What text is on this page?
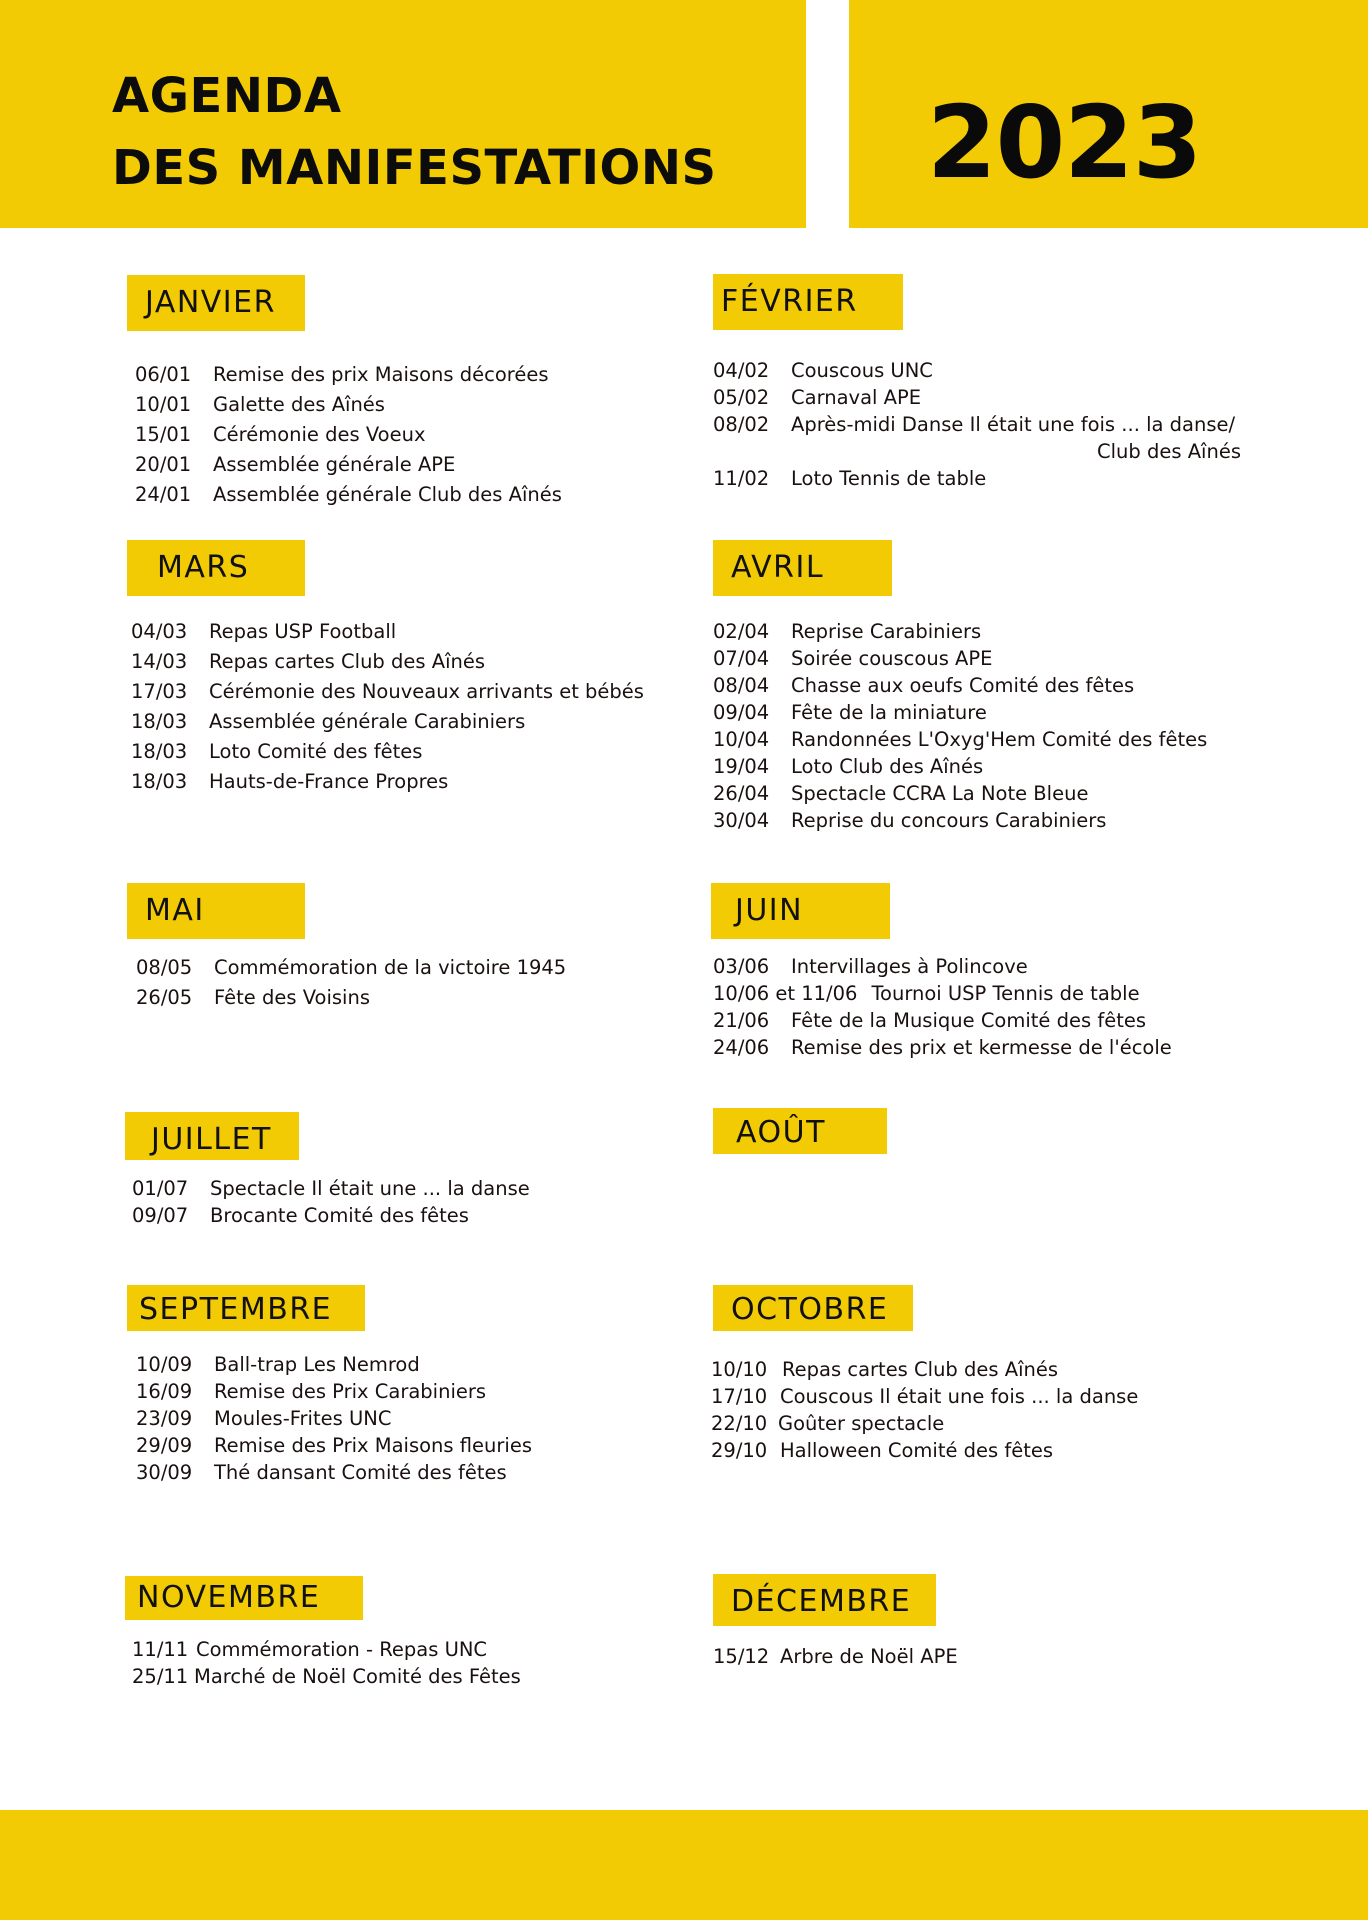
AGENDA
DES MANIFESTATIONS 2023
JANVIER
06/01 Remise des prix Maisons décorées
10/01 Galette des Aînés
15/01 Cérémonie des Voeux
20/01 Assemblée générale APE
24/01 Assemblée générale Club des Aînés
FÉVRIER
04/02 Couscous UNC
05/02 Carnaval APE
08/02 Après-midi Danse Il était une fois ... la danse/
Club des Aînés
11/02 Loto Tennis de table
MARS
04/03 Repas USP Football
14/03 Repas cartes Club des Aînés
17/03 Cérémonie des Nouveaux arrivants et bébés
18/03 Assemblée générale Carabiniers
18/03 Loto Comité des fêtes
18/03 Hauts-de-France Propres
AVRIL
02/04 Reprise Carabiniers
07/04 Soirée couscous APE
08/04 Chasse aux oeufs Comité des fêtes
09/04 Fête de la miniature
10/04 Randonnées L'Oxyg'Hem Comité des fêtes
19/04 Loto Club des Aînés
26/04 Spectacle CCRA La Note Bleue
30/04 Reprise du concours Carabiniers
MAI
08/05 Commémoration de la victoire 1945
26/05 Fête des Voisins
JUIN
03/06 Intervillages à Polincove
10/06 et 11/06 Tournoi USP Tennis de table
21/06 Fête de la Musique Comité des fêtes
24/06 Remise des prix et kermesse de l'école
JUILLET
01/07 Spectacle Il était une ... la danse
09/07 Brocante Comité des fêtes
AOÛT
SEPTEMBRE
10/09 Ball-trap Les Nemrod
16/09 Remise des Prix Carabiniers
23/09 Moules-Frites UNC
29/09 Remise des Prix Maisons fleuries
30/09 Thé dansant Comité des fêtes
OCTOBRE
10/10 Repas cartes Club des Aînés
17/10 Couscous Il était une fois ... la danse
22/10 Goûter spectacle
29/10 Halloween Comité des fêtes
NOVEMBRE
11/11 Commémoration - Repas UNC
25/11 Marché de Noël Comité des Fêtes
DÉCEMBRE
15/12 Arbre de Noël APE
